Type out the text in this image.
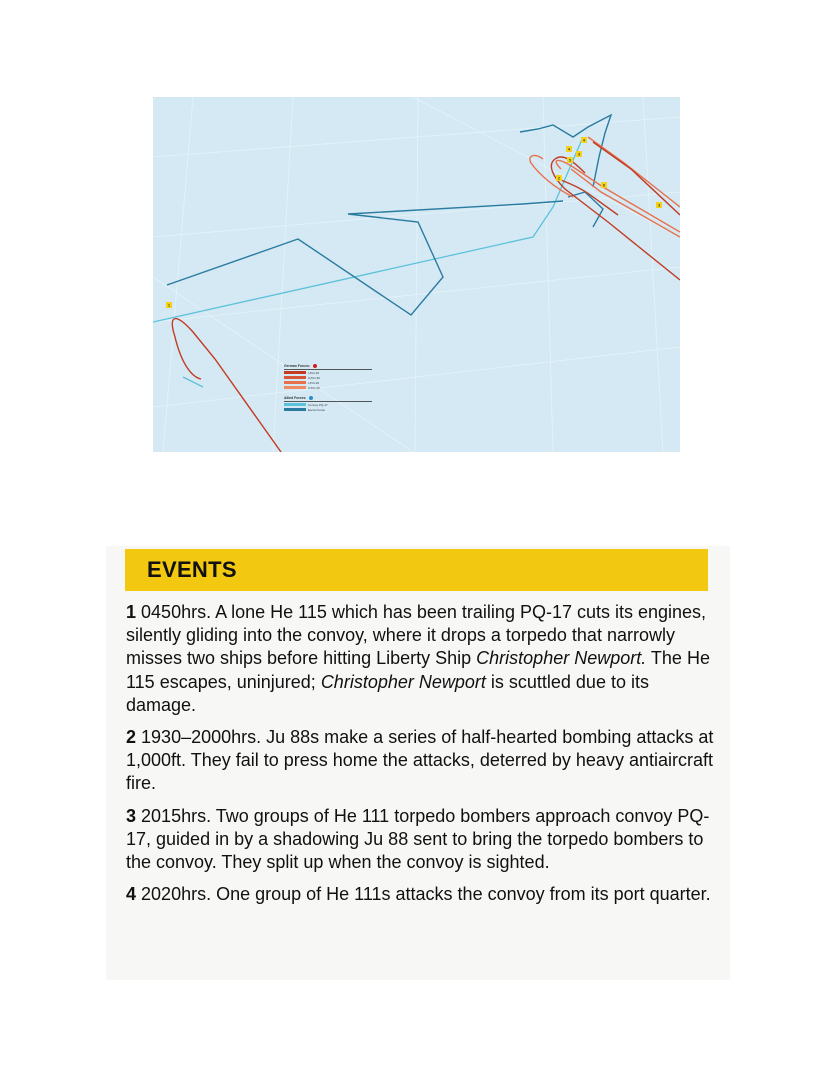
1
2
3
4
4
5
6
3
German Forces:
I./KG 26
II./KG 30
I./KG 26
II./KG 26
Allied Forces:
Convoy PQ-17
Escort Force
EVENTS

1 0450hrs. A lone He 115 which has been trailing PQ-17 cuts its engines, silently gliding into the convoy, where it drops a torpedo that narrowly misses two ships before hitting Liberty Ship Christopher Newport. The He 115 escapes, uninjured; Christopher Newport is scuttled due to its damage.

2 1930–2000hrs. Ju 88s make a series of half-hearted bombing attacks at 1,000ft. They fail to press home the attacks, deterred by heavy antiaircraft fire.

3 2015hrs. Two groups of He 111 torpedo bombers approach convoy PQ-17, guided in by a shadowing Ju 88 sent to bring the torpedo bombers to the convoy. They split up when the convoy is sighted.

4 2020hrs. One group of He 111s attacks the convoy from its port quarter.
